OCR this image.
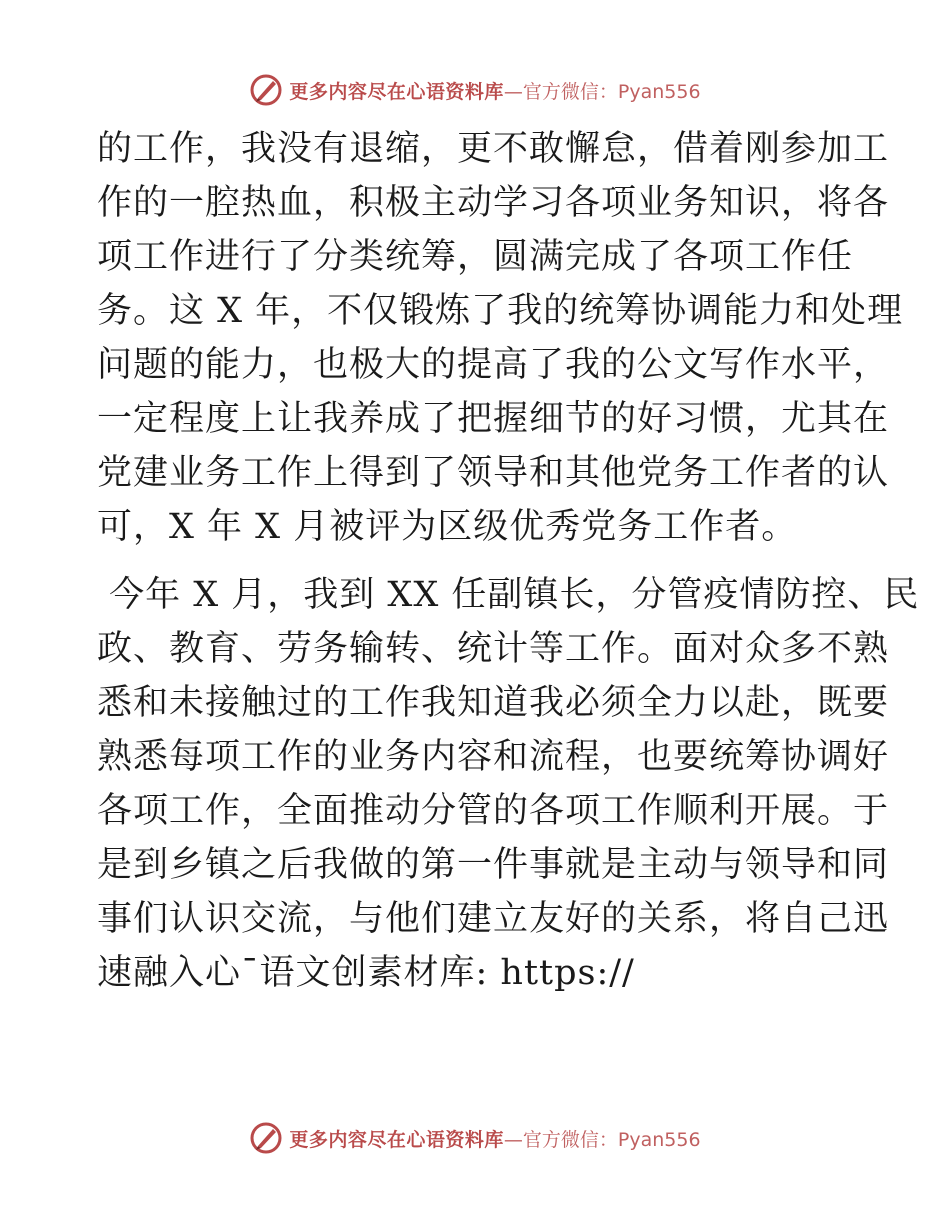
更多内容尽在心语资料库 —官方微信：Pyan556
的工作，我没有退缩，更不敢懈怠，借着刚参加工
作的一腔热血，积极主动学习各项业务知识，将各
项工作进行了分类统筹，圆满完成了各项工作任
务。这 X 年，不仅锻炼了我的统筹协调能力和处理
问题的能力，也极大的提高了我的公文写作水平，
一定程度上让我养成了把握细节的好习惯，尤其在
党建业务工作上得到了领导和其他党务工作者的认
可，X 年 X 月被评为区级优秀党务工作者。
今年 X 月，我到 XX 任副镇长，分管疫情防控、民
政、教育、劳务输转、统计等工作。面对众多不熟
悉和未接触过的工作我知道我必须全力以赴，既要
熟悉每项工作的业务内容和流程，也要统筹协调好
各项工作，全面推动分管的各项工作顺利开展。于
是到乡镇之后我做的第一件事就是主动与领导和同
事们认识交流，与他们建立友好的关系，将自己迅
速融入心¯语文创素材库: https://
更多内容尽在心语资料库 —官方微信：Pyan556
